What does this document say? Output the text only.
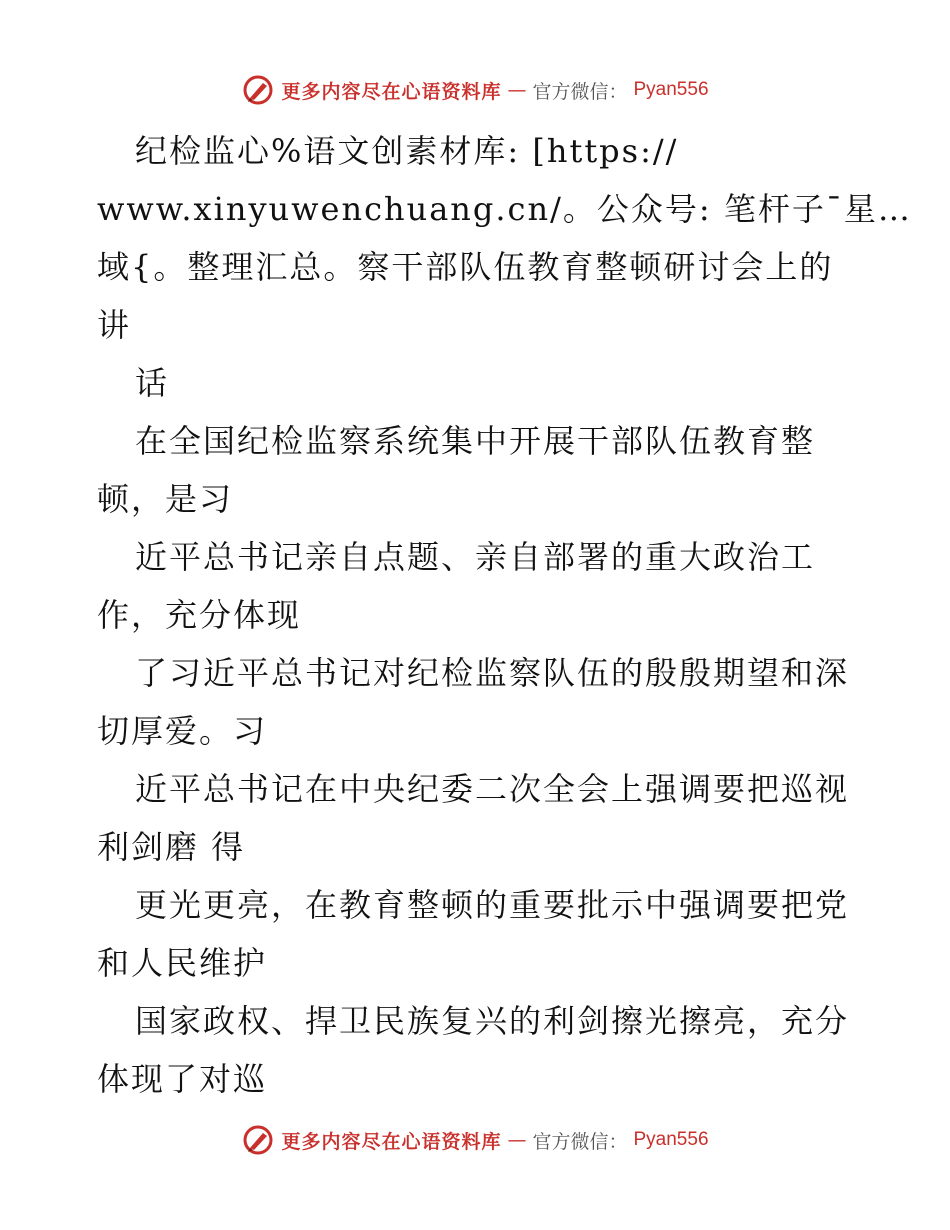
更多内容尽在心语资料库 — 官方微信： Pyan556
纪检监心%语文创素材库: [https://
www.xinyuwenchuang.cn/。公众号: 笔杆子¯星…
域{。整理汇总。察干部队伍教育整顿研讨会上的
讲
话
在全国纪检监察系统集中开展干部队伍教育整
顿，是习
近平总书记亲自点题、亲自部署的重大政治工
作，充分体现
了习近平总书记对纪检监察队伍的殷殷期望和深
切厚爱。习
近平总书记在中央纪委二次全会上强调要把巡视
利剑磨 得
更光更亮，在教育整顿的重要批示中强调要把党
和人民维护
国家政权、捍卫民族复兴的利剑擦光擦亮，充分
体现了对巡
更多内容尽在心语资料库 — 官方微信： Pyan556
